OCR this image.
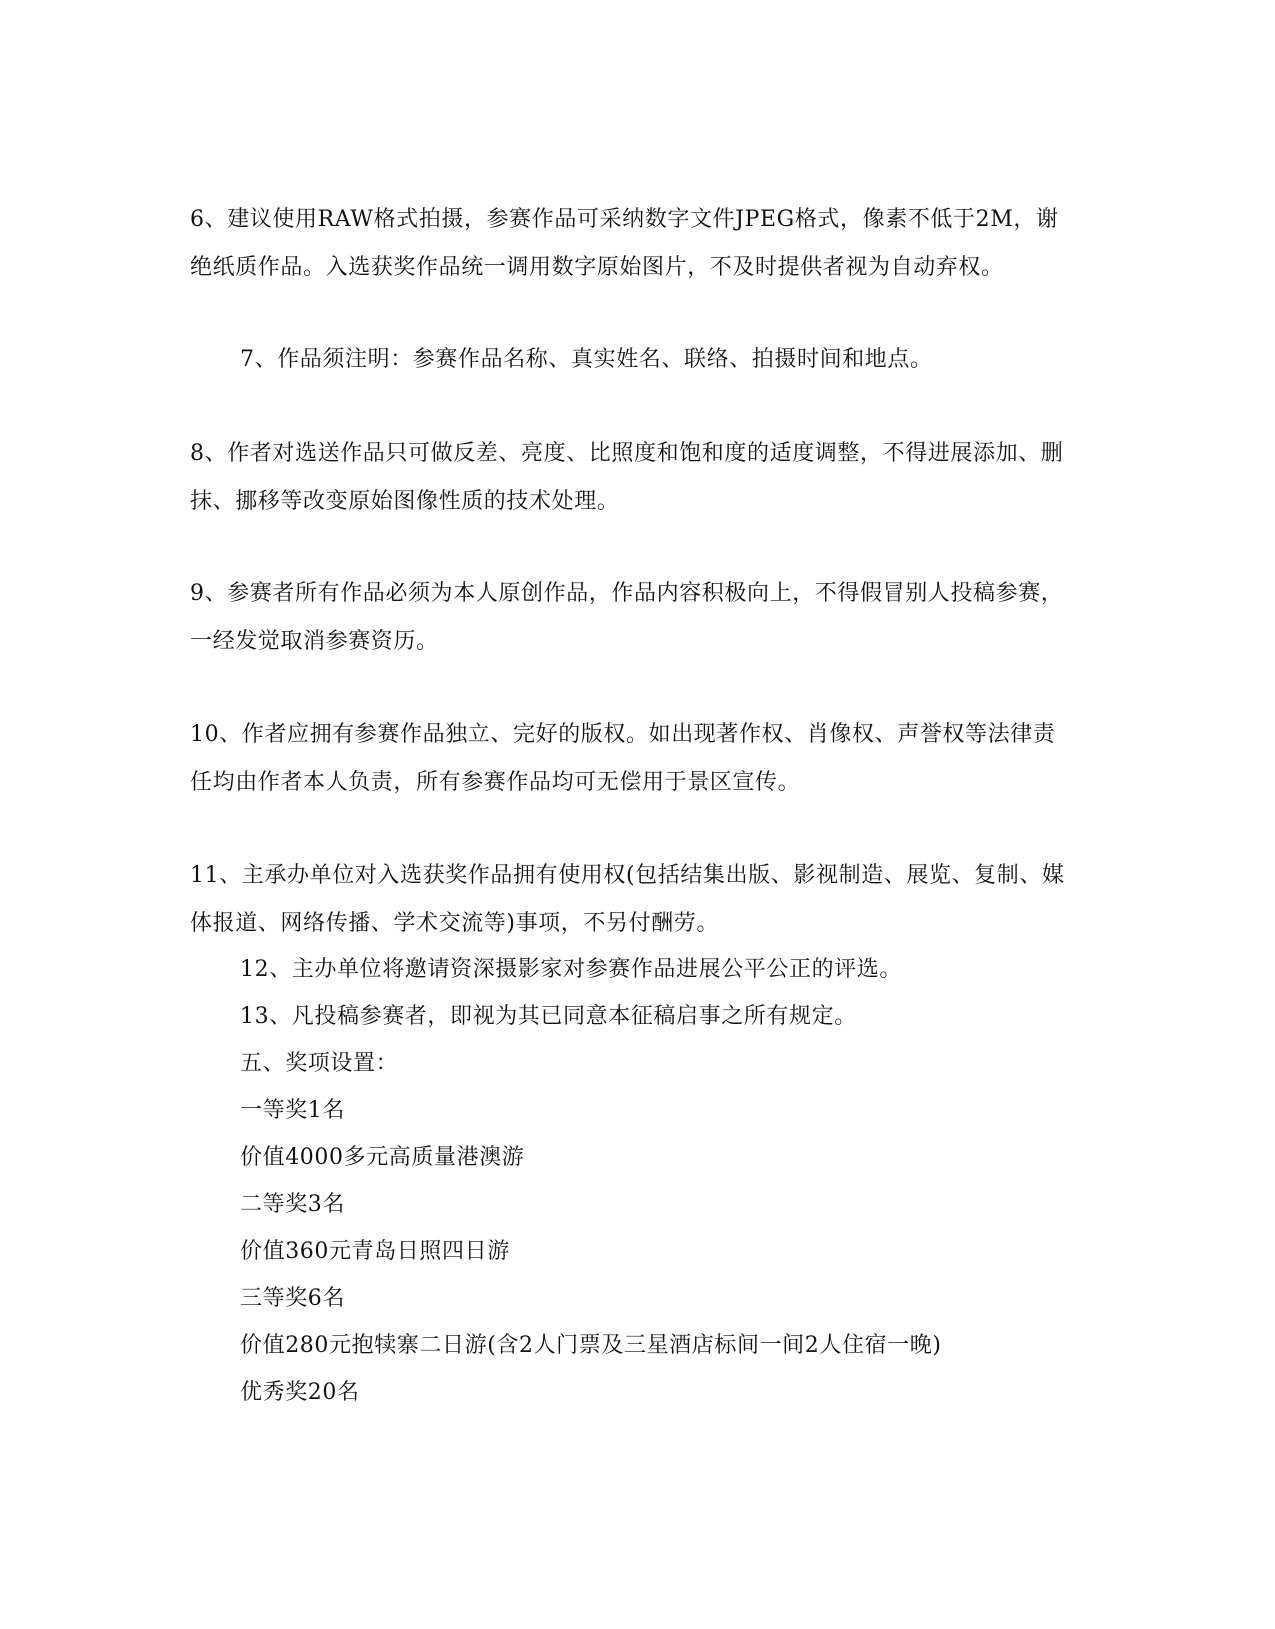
6、建议使用RAW格式拍摄，参赛作品可采纳数字文件JPEG格式，像素不低于2M，谢绝纸质作品。入选获奖作品统一调用数字原始图片，不及时提供者视为自动弃权。

7、作品须注明：参赛作品名称、真实姓名、联络、拍摄时间和地点。

8、作者对选送作品只可做反差、亮度、比照度和饱和度的适度调整，不得进展添加、删抹、挪移等改变原始图像性质的技术处理。

9、参赛者所有作品必须为本人原创作品，作品内容积极向上，不得假冒别人投稿参赛，一经发觉取消参赛资历。

10、作者应拥有参赛作品独立、完好的版权。如出现著作权、肖像权、声誉权等法律责任均由作者本人负责，所有参赛作品均可无偿用于景区宣传。

11、主承办单位对入选获奖作品拥有使用权(包括结集出版、影视制造、展览、复制、媒体报道、网络传播、学术交流等)事项，不另付酬劳。

12、主办单位将邀请资深摄影家对参赛作品进展公平公正的评选。

13、凡投稿参赛者，即视为其已同意本征稿启事之所有规定。

五、奖项设置：

一等奖1名

价值4000多元高质量港澳游

二等奖3名

价值360元青岛日照四日游

三等奖6名

价值280元抱犊寨二日游(含2人门票及三星酒店标间一间2人住宿一晚)

优秀奖20名
